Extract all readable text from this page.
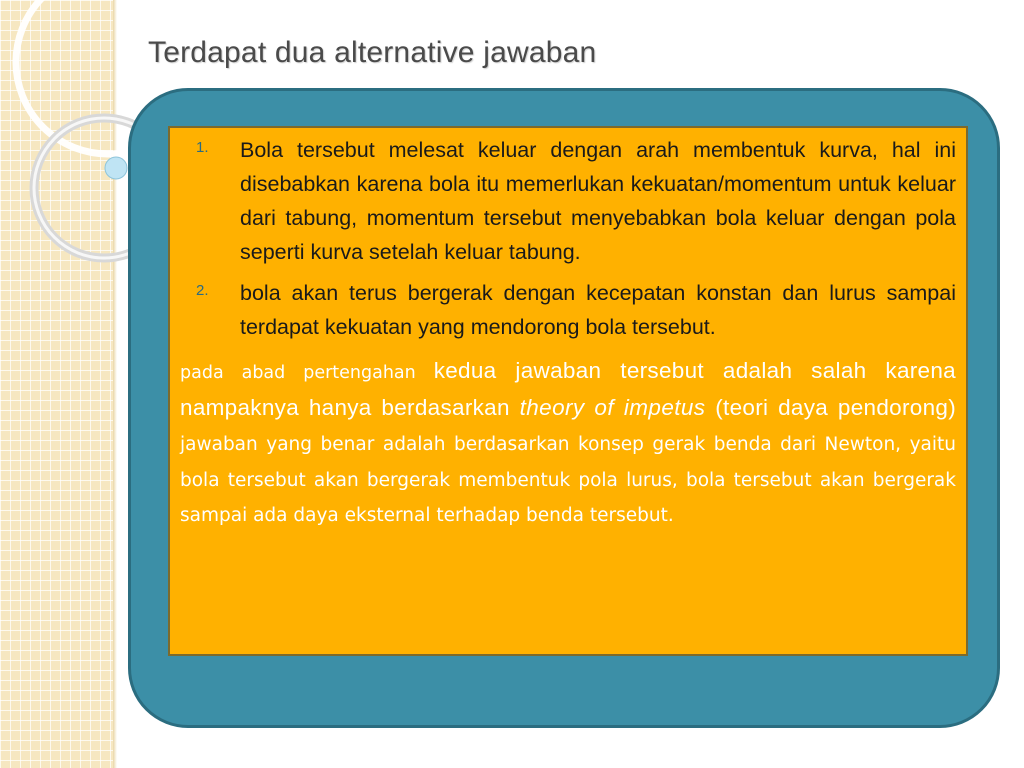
Terdapat dua alternative jawaban
1. Bola tersebut melesat keluar dengan arah membentuk kurva, hal ini disebabkan karena bola itu memerlukan kekuatan/momentum untuk keluar dari tabung, momentum tersebut menyebabkan bola keluar dengan pola seperti kurva setelah keluar tabung.
2. bola akan terus bergerak dengan kecepatan konstan dan lurus sampai terdapat kekuatan yang mendorong bola tersebut.

pada abad pertengahan kedua jawaban tersebut adalah salah karena nampaknya hanya berdasarkan theory of impetus (teori daya pendorong) jawaban yang benar adalah berdasarkan konsep gerak benda dari Newton, yaitu bola tersebut akan bergerak membentuk pola lurus, bola tersebut akan bergerak sampai ada daya eksternal terhadap benda tersebut.
